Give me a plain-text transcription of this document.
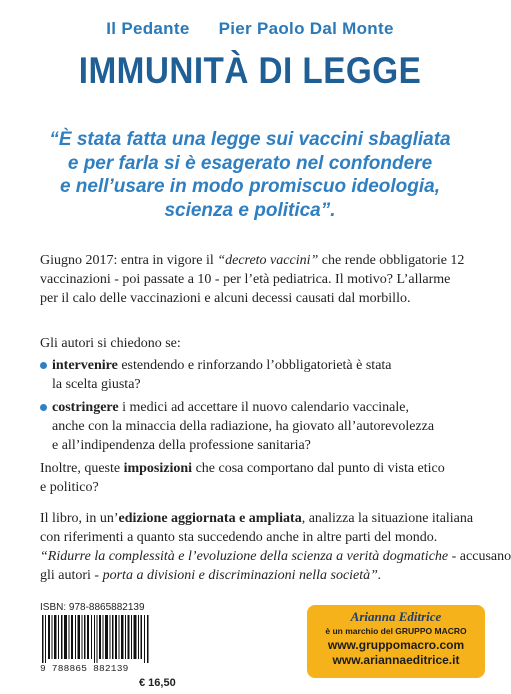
Il Pedante Pier Paolo Dal Monte
IMMUNITÀ DI LEGGE
“È stata fatta una legge sui vaccini sbagliata
e per farla si è esagerato nel confondere
e nell’usare in modo promiscuo ideologia,
scienza e politica”.
Giugno 2017: entra in vigore il “decreto vaccini” che rende obbligatorie 12
vaccinazioni - poi passate a 10 - per l’età pediatrica. Il motivo? L’allarme
per il calo delle vaccinazioni e alcuni decessi causati dal morbillo.
Gli autori si chiedono se:
intervenire estendendo e rinforzando l’obbligatorietà è stata
la scelta giusta?
costringere i medici ad accettare il nuovo calendario vaccinale,
anche con la minaccia della radiazione, ha giovato all’autorevolezza
e all’indipendenza della professione sanitaria?
Inoltre, queste imposizioni che cosa comportano dal punto di vista etico
e politico?
Il libro, in un’edizione aggiornata e ampliata, analizza la situazione italiana
con riferimenti a quanto sta succedendo anche in altre parti del mondo.
“Ridurre la complessità e l’evoluzione della scienza a verità dogmatiche - accusano
gli autori - porta a divisioni e discriminazioni nella società”.
ISBN: 978-8865882139
9 788865 882139
€ 16,50
Arianna Editrice
è un marchio del GRUPPO MACRO
www.gruppomacro.com
www.ariannaeditrice.it
